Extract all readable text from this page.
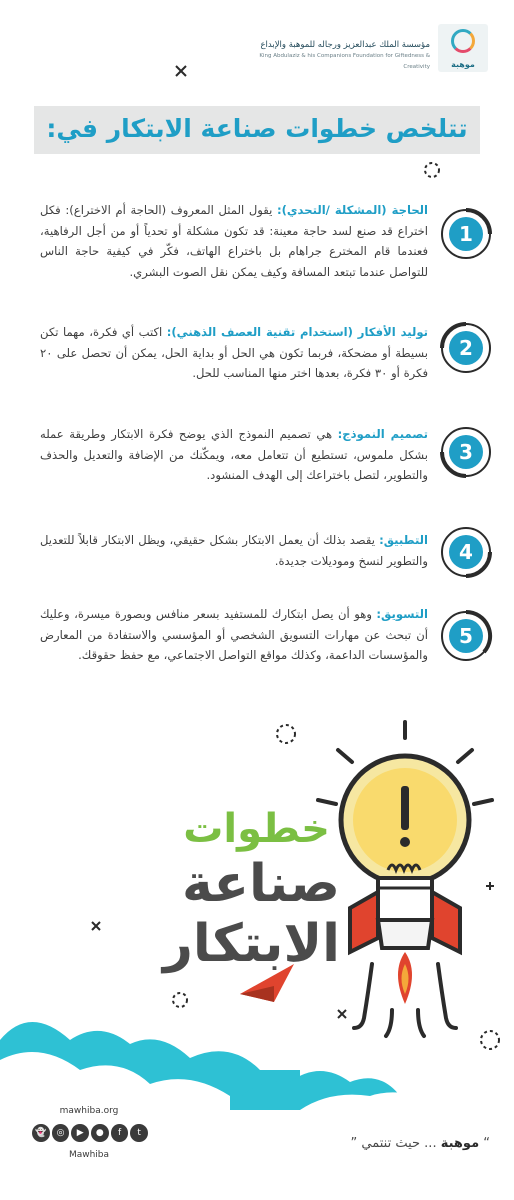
موهبة
مؤسسة الملك عبدالعزيز ورجاله للموهبة والإبداع
King Abdulaziz & his Companions Foundation for Giftedness & Creativity
تتلخص خطوات صناعة الابتكار في:
1
الحاجة (المشكلة /التحدي): يقول المثل المعروف (الحاجة أم الاختراع): فكل اختراع قد صنع لسد حاجة معينة: قد تكون مشكلة أو تحدياً أو من أجل الرفاهية، فعندما قام المخترع جراهام بل باختراع الهاتف، فكّر في كيفية حاجة الناس للتواصل عندما تبتعد المسافة وكيف يمكن نقل الصوت البشري.
2
توليد الأفكار (استخدام تقنية العصف الذهني): اكتب أي فكرة، مهما تكن بسيطة أو مضحكة، فربما تكون هي الحل أو بداية الحل، يمكن أن تحصل على ٢٠ فكرة أو ٣٠ فكرة، بعدها اختر منها المناسب للحل.
3
تصميم النموذج: هي تصميم النموذج الذي يوضح فكرة الابتكار وطريقة عمله بشكل ملموس، تستطيع أن تتعامل معه، ويمكّنك من الإضافة والتعديل والحذف والتطوير، لتصل باختراعك إلى الهدف المنشود.
4
التطبيق: يقصد بذلك أن يعمل الابتكار بشكل حقيقي، ويظل الابتكار قابلاً للتعديل والتطوير لنسخ وموديلات جديدة.
5
التسويق: وهو أن يصل ابتكارك للمستفيد بسعر منافس وبصورة ميسرة، وعليك أن تبحث عن مهارات التسويق الشخصي أو المؤسسي والاستفادة من المعارض والمؤسسات الداعمة، وكذلك مواقع التواصل الاجتماعي، مع حفظ حقوقك.
خطوات
صناعة الابتكار
mawhiba.org
👻	◎	▶	●	f	t
Mawhiba
“ موهبة ... حيث تنتمي ”
